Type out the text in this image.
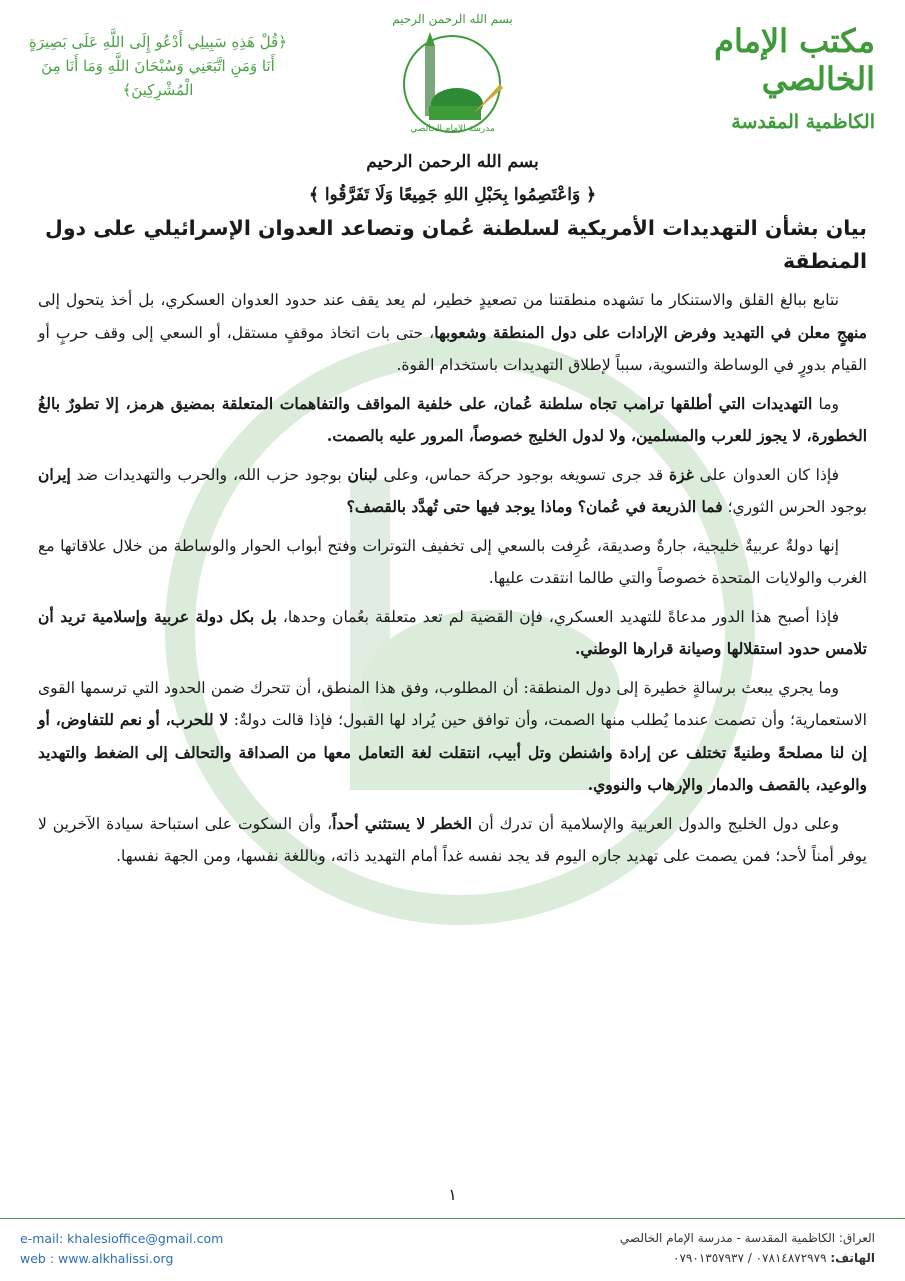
مكتب الإمام الخالصي
الكاظمية المقدسة
بسم الله الرحمن الرحيم
مدرسة الإمام الخالصي
﴿قُلْ هَذِهِ سَبِيلِي أَدْعُو إِلَى اللَّهِ عَلَى بَصِيرَةٍ أَنَا وَمَنِ اتَّبَعَنِي وَسُبْحَانَ اللَّهِ وَمَا أَنَا مِنَ الْمُشْرِكِينَ﴾

بسم الله الرحمن الرحيم

﴿ وَاعْتَصِمُوا بِحَبْلِ اللهِ جَمِيعًا وَلَا تَفَرَّقُوا ﴾

بيان بشأن التهديدات الأمريكية لسلطنة عُمان وتصاعد العدوان الإسرائيلي على دول المنطقة

نتابع ببالغ القلق والاستنكار ما تشهده منطقتنا من تصعيدٍ خطير، لم يعد يقف عند حدود العدوان العسكري، بل أخذ يتحول إلى منهجٍ معلن في التهديد وفرض الإرادات على دول المنطقة وشعوبها، حتى بات اتخاذ موقفٍ مستقل، أو السعي إلى وقف حربٍ أو القيام بدورٍ في الوساطة والتسوية، سبباً لإطلاق التهديدات باستخدام القوة.

وما التهديدات التي أطلقها ترامب تجاه سلطنة عُمان، على خلفية المواقف والتفاهمات المتعلقة بمضيق هرمز، إلا تطورٌ بالغُ الخطورة، لا يجوز للعرب والمسلمين، ولا لدول الخليج خصوصاً، المرور عليه بالصمت.

فإذا كان العدوان على غزة قد جرى تسويغه بوجود حركة حماس، وعلى لبنان بوجود حزب الله، والحرب والتهديدات ضد إيران بوجود الحرس الثوري؛ فما الذريعة في عُمان؟ وماذا يوجد فيها حتى تُهدَّد بالقصف؟

إنها دولةٌ عربيةٌ خليجية، جارةٌ وصديقة، عُرِفت بالسعي إلى تخفيف التوترات وفتح أبواب الحوار والوساطة من خلال علاقاتها مع الغرب والولايات المتحدة خصوصاً والتي طالما انتقدت عليها.

فإذا أصبح هذا الدور مدعاةً للتهديد العسكري، فإن القضية لم تعد متعلقة بعُمان وحدها، بل بكل دولة عربية وإسلامية تريد أن تلامس حدود استقلالها وصيانة قرارها الوطني.

وما يجري يبعث برسالةٍ خطيرة إلى دول المنطقة: أن المطلوب، وفق هذا المنطق، أن تتحرك ضمن الحدود التي ترسمها القوى الاستعمارية؛ وأن تصمت عندما يُطلب منها الصمت، وأن توافق حين يُراد لها القبول؛ فإذا قالت دولةٌ: لا للحرب، أو نعم للتفاوض، أو إن لنا مصلحةً وطنيةً تختلف عن إرادة واشنطن وتل أبيب، انتقلت لغة التعامل معها من الصداقة والتحالف إلى الضغط والتهديد والوعيد، بالقصف والدمار والإرهاب والنووي.

وعلى دول الخليج والدول العربية والإسلامية أن تدرك أن الخطر لا يستثني أحداً، وأن السكوت على استباحة سيادة الآخرين لا يوفر أمناً لأحد؛ فمن يصمت على تهديد جاره اليوم قد يجد نفسه غداً أمام التهديد ذاته، وباللغة نفسها، ومن الجهة نفسها.

١
e-mail: khalesioffice@gmail.com
web : www.alkhalissi.org
العراق: الكاظمية المقدسة - مدرسة الإمام الخالصي
الهاتف: ٠٧٨١٤٨٧٢٩٧٩ / ٠٧٩٠١٣٥٧٩٣٧
